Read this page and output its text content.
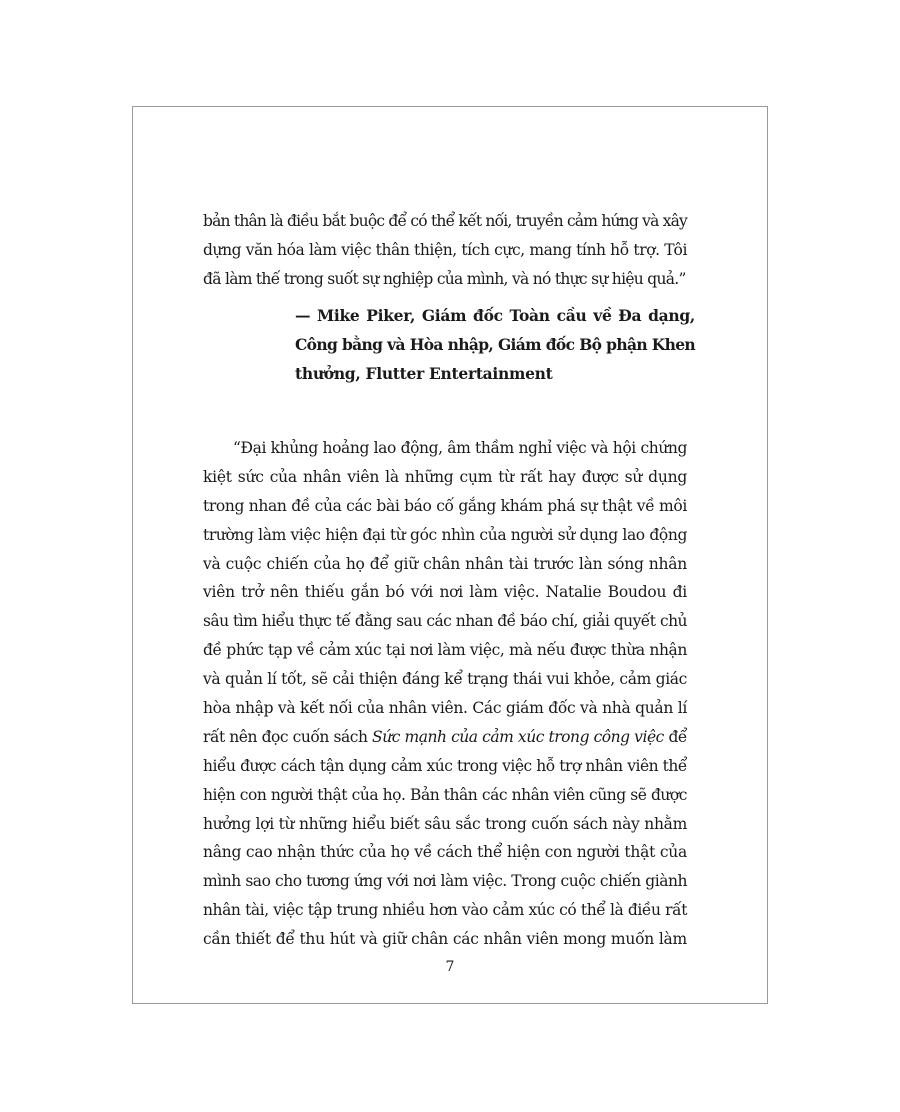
bản thân là điều bắt buộc để có thể kết nối, truyền cảm hứng và xây
dựng văn hóa làm việc thân thiện, tích cực, mang tính hỗ trợ. Tôi
đã làm thế trong suốt sự nghiệp của mình, và nó thực sự hiệu quả.”
— Mike Piker, Giám đốc Toàn cầu về Đa dạng,
Công bằng và Hòa nhập, Giám đốc Bộ phận Khen
thưởng, Flutter Entertainment
“Đại khủng hoảng lao động, âm thầm nghỉ việc và hội chứng
kiệt sức của nhân viên là những cụm từ rất hay được sử dụng
trong nhan đề của các bài báo cố gắng khám phá sự thật về môi
trường làm việc hiện đại từ góc nhìn của người sử dụng lao động
và cuộc chiến của họ để giữ chân nhân tài trước làn sóng nhân
viên trở nên thiếu gắn bó với nơi làm việc. Natalie Boudou đi
sâu tìm hiểu thực tế đằng sau các nhan đề báo chí, giải quyết chủ
đề phức tạp về cảm xúc tại nơi làm việc, mà nếu được thừa nhận
và quản lí tốt, sẽ cải thiện đáng kể trạng thái vui khỏe, cảm giác
hòa nhập và kết nối của nhân viên. Các giám đốc và nhà quản lí
rất nên đọc cuốn sách Sức mạnh của cảm xúc trong công việc để
hiểu được cách tận dụng cảm xúc trong việc hỗ trợ nhân viên thể
hiện con người thật của họ. Bản thân các nhân viên cũng sẽ được
hưởng lợi từ những hiểu biết sâu sắc trong cuốn sách này nhằm
nâng cao nhận thức của họ về cách thể hiện con người thật của
mình sao cho tương ứng với nơi làm việc. Trong cuộc chiến giành
nhân tài, việc tập trung nhiều hơn vào cảm xúc có thể là điều rất
cần thiết để thu hút và giữ chân các nhân viên mong muốn làm
7
